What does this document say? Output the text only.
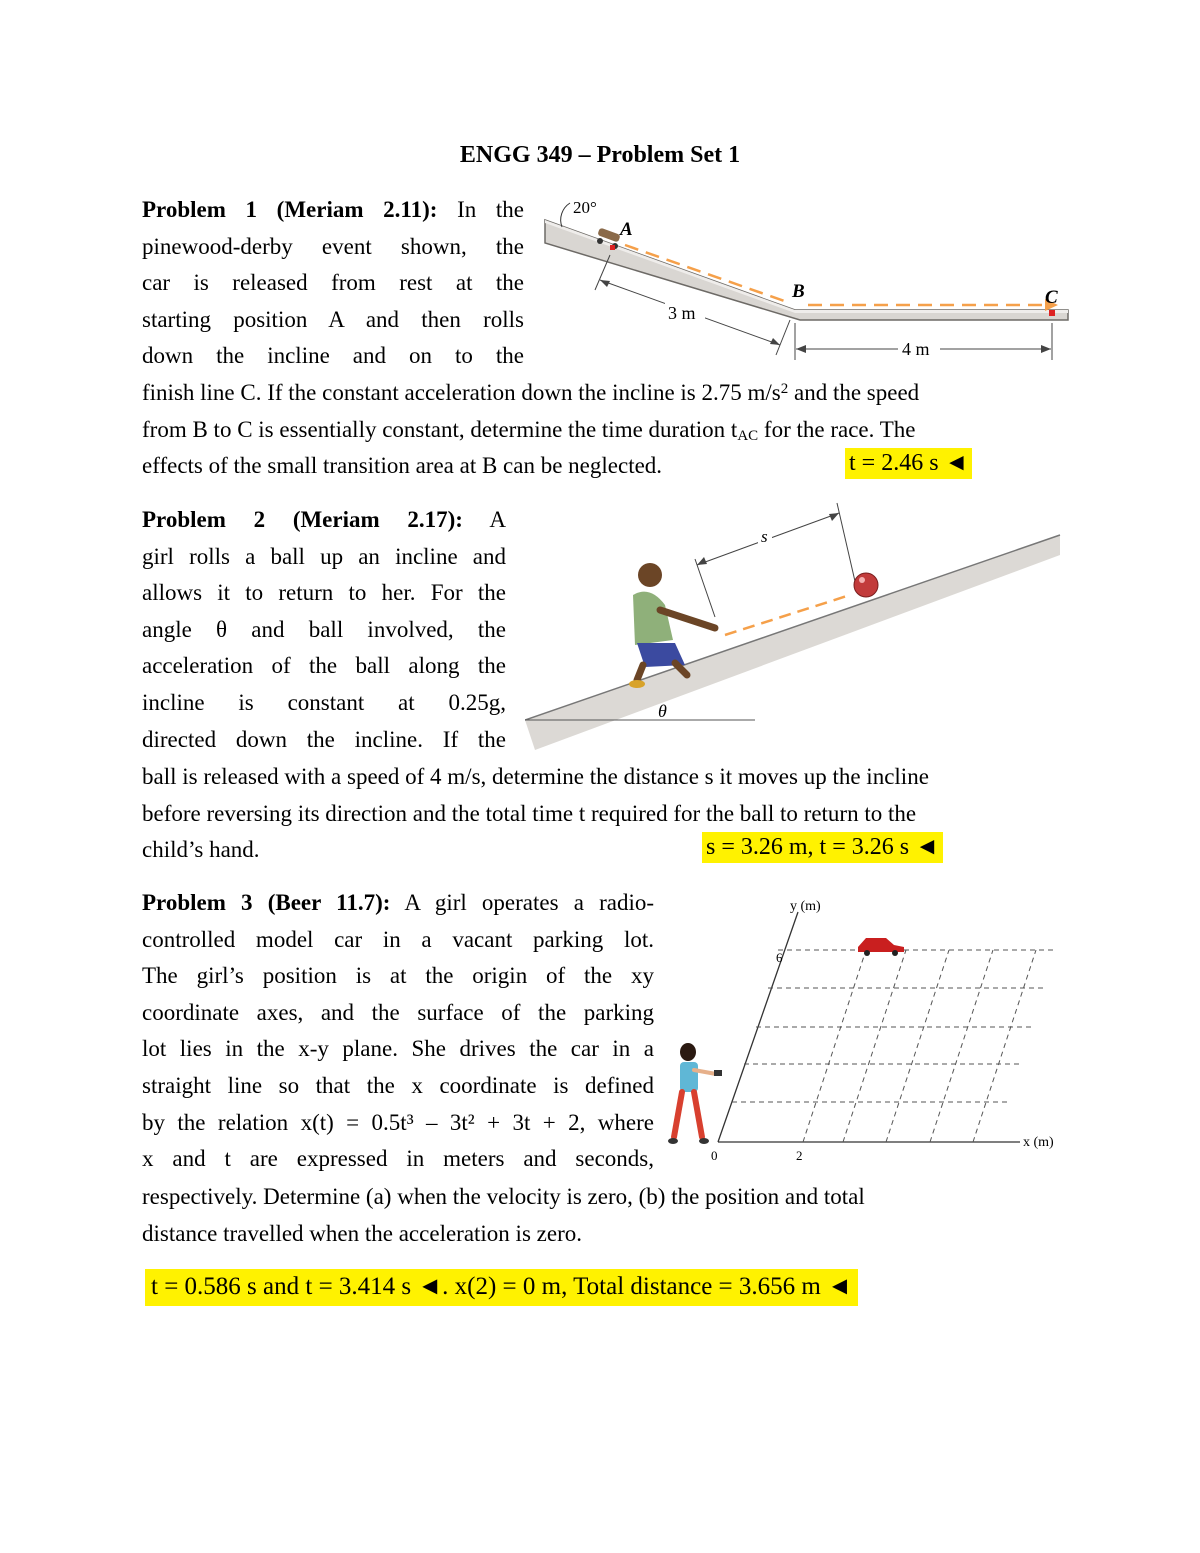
ENGG 349 – Problem Set 1

Problem 1 (Meriam 2.11): In the

pinewood-derby event shown, the

car is released from rest at the

starting position A and then rolls

down the incline and on to the

20°
A
B	C
3 m
4 m

finish line C. If the constant acceleration down the incline is 2.75 $m/s^2$ and the speed

from B to C is essentially constant, determine the time duration $t_{AC}$ for the race. The

effects of the small transition area at B can be neglected.	t = 2.46 s ◄

Problem 2 (Meriam 2.17): A

girl rolls a ball up an incline and

allows it to return to her. For the

angle θ and ball involved, the

acceleration of the ball along the

incline is constant at 0.25g,

directed down the incline. If the

θ
s

ball is released with a speed of 4 m/s, determine the distance s it moves up the incline

before reversing its direction and the total time t required for the ball to return to the

child’s hand.	s = 3.26 m, t = 3.26 s ◄

Problem 3 (Beer 11.7): A girl operates a radio-

controlled model car in a vacant parking lot.

The girl’s position is at the origin of the xy

coordinate axes, and the surface of the parking

lot lies in the x-y plane. She drives the car in a

straight line so that the x coordinate is defined

by the relation x(t) = 0.5t³ – 3t² + 3t + 2, where

x and t are expressed in meters and seconds,

y (m)
6
x (m)
0	2

respectively. Determine (a) when the velocity is zero, (b) the position and total

distance travelled when the acceleration is zero.

t = 0.586 s and t = 3.414 s ◄. x(2) = 0 m, Total distance = 3.656 m ◄
